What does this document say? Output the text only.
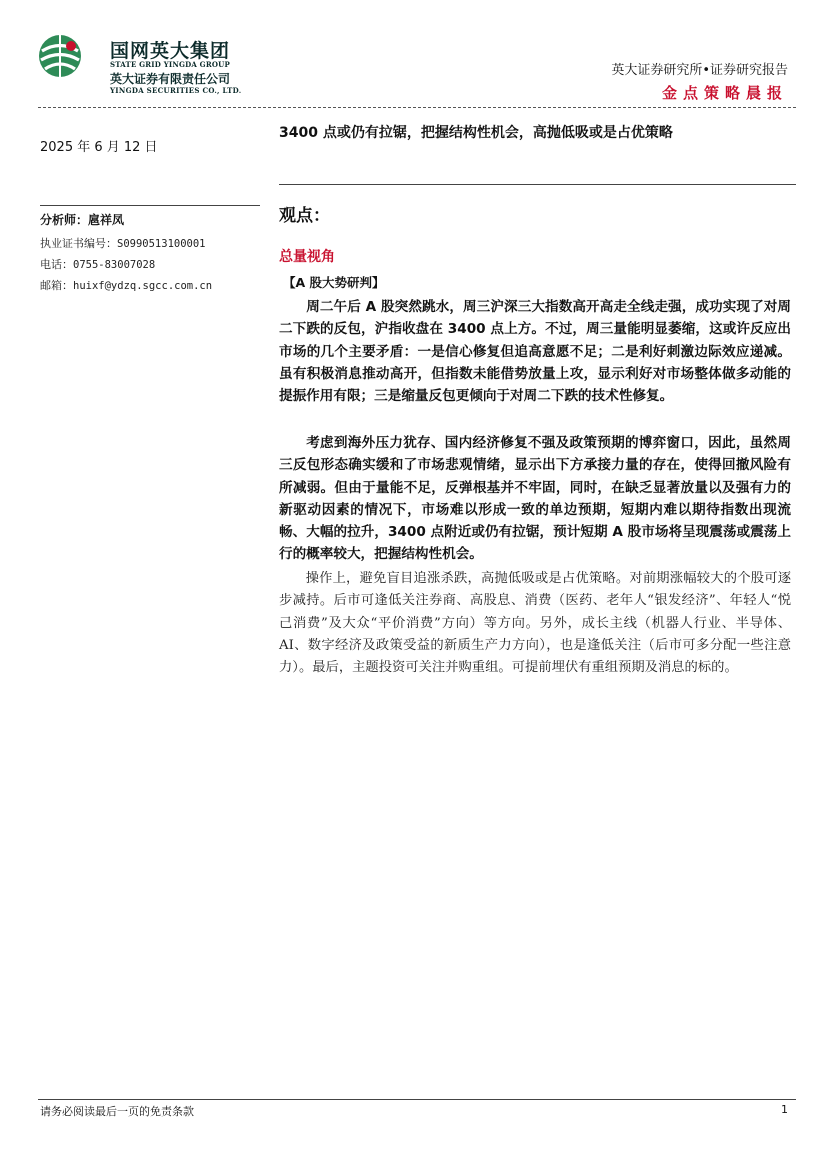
国网英大集团
STATE GRID YINGDA GROUP
英大证券有限责任公司
YINGDA SECURITIES CO., LTD.
英大证券研究所•证券研究报告
金点策略晨报
2025 年 6 月 12 日
3400 点或仍有拉锯，把握结构性机会，高抛低吸或是占优策略
分析师：扈祥凤
执业证书编号：S0990513100001
电话：0755-83007028
邮箱：huixf@ydzq.sgcc.com.cn
观点：
总量视角
【A 股大势研判】

周二午后 A 股突然跳水，周三沪深三大指数高开高走全线走强，成功实现了对周二下跌的反包，沪指收盘在 3400 点上方。不过，周三量能明显萎缩，这或许反应出市场的几个主要矛盾：一是信心修复但追高意愿不足；二是利好刺激边际效应递减。虽有积极消息推动高开，但指数未能借势放量上攻，显示利好对市场整体做多动能的提振作用有限；三是缩量反包更倾向于对周二下跌的技术性修复。

考虑到海外压力犹存、国内经济修复不强及政策预期的博弈窗口，因此，虽然周三反包形态确实缓和了市场悲观情绪，显示出下方承接力量的存在，使得回撤风险有所减弱。但由于量能不足，反弹根基并不牢固，同时，在缺乏显著放量以及强有力的新驱动因素的情况下，市场难以形成一致的单边预期，短期内难以期待指数出现流畅、大幅的拉升，3400 点附近或仍有拉锯，预计短期 A 股市场将呈现震荡或震荡上行的概率较大，把握结构性机会。

操作上，避免盲目追涨杀跌，高抛低吸或是占优策略。对前期涨幅较大的个股可逐步减持。后市可逢低关注券商、高股息、消费（医药、老年人“银发经济”、年轻人“悦己消费”及大众“平价消费”方向）等方向。另外，成长主线（机器人行业、半导体、AI、数字经济及政策受益的新质生产力方向），也是逢低关注（后市可多分配一些注意力）。最后，主题投资可关注并购重组。可提前埋伏有重组预期及消息的标的。

请务必阅读最后一页的免责条款	1
